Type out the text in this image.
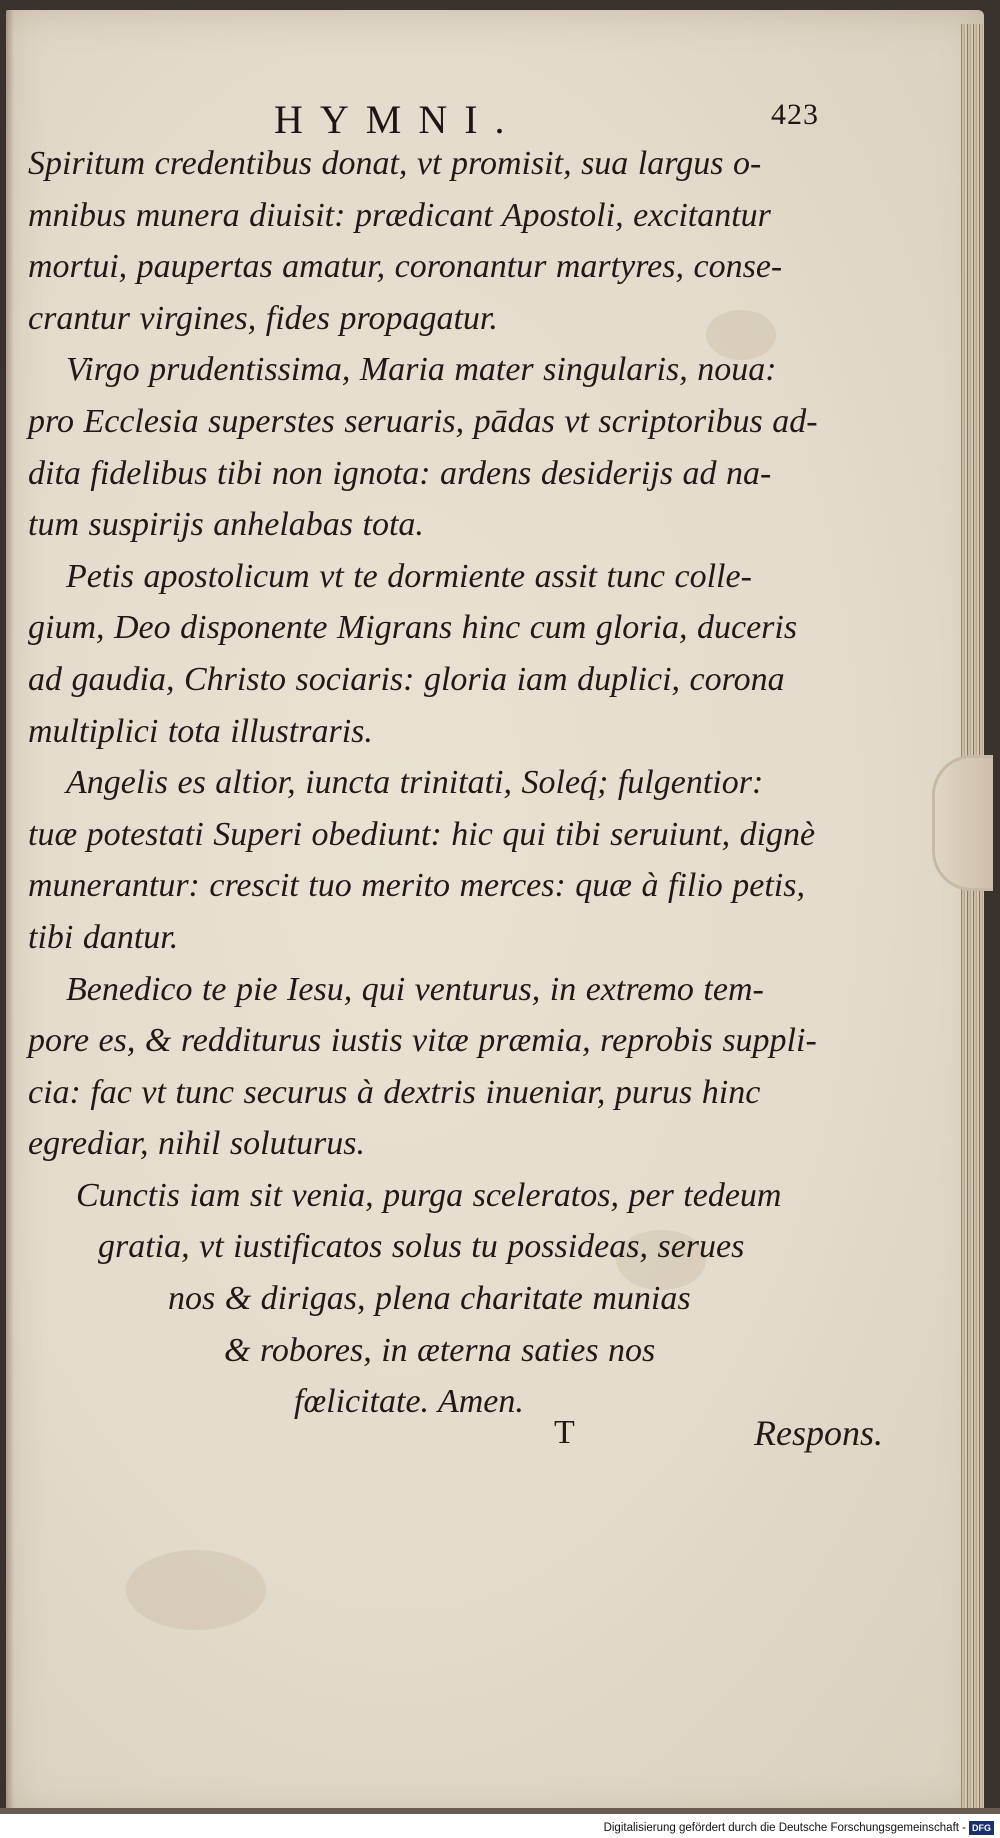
HYMNI.	423
Spiritum credentibus donat, vt promisit, sua largus o-
mnibus munera diuisit: prædicant Apostoli, excitantur
mortui, paupertas amatur, coronantur martyres, conse-
crantur virgines, fides propagatur.
Virgo prudentissima, Maria mater singularis, noua:
pro Ecclesia superstes seruaris, pādas vt scriptoribus ad-
dita fidelibus tibi non ignota: ardens desiderijs ad na-
tum suspirijs anhelabas tota.
Petis apostolicum vt te dormiente assit tunc colle-
gium, Deo disponente Migrans hinc cum gloria, duceris
ad gaudia, Christo sociaris: gloria iam duplici, corona
multiplici tota illustraris.
Angelis es altior, iuncta trinitati, Soleq́; fulgentior:
tuæ potestati Superi obediunt: hic qui tibi seruiunt, dignè
munerantur: crescit tuo merito merces: quæ à filio petis,
tibi dantur.
Benedico te pie Iesu, qui venturus, in extremo tem-
pore es, & redditurus iustis vitæ præmia, reprobis suppli-
cia: fac vt tunc securus à dextris inueniar, purus hinc
egrediar, nihil soluturus.
Cunctis iam sit venia, purga sceleratos, per tedeum
gratia, vt iustificatos solus tu possideas, serues
nos & dirigas, plena charitate munias
& robores, in æterna saties nos
fœlicitate. Amen.
T	Respons.
Digitalisierung gefördert durch die Deutsche Forschungsgemeinschaft - DFG
